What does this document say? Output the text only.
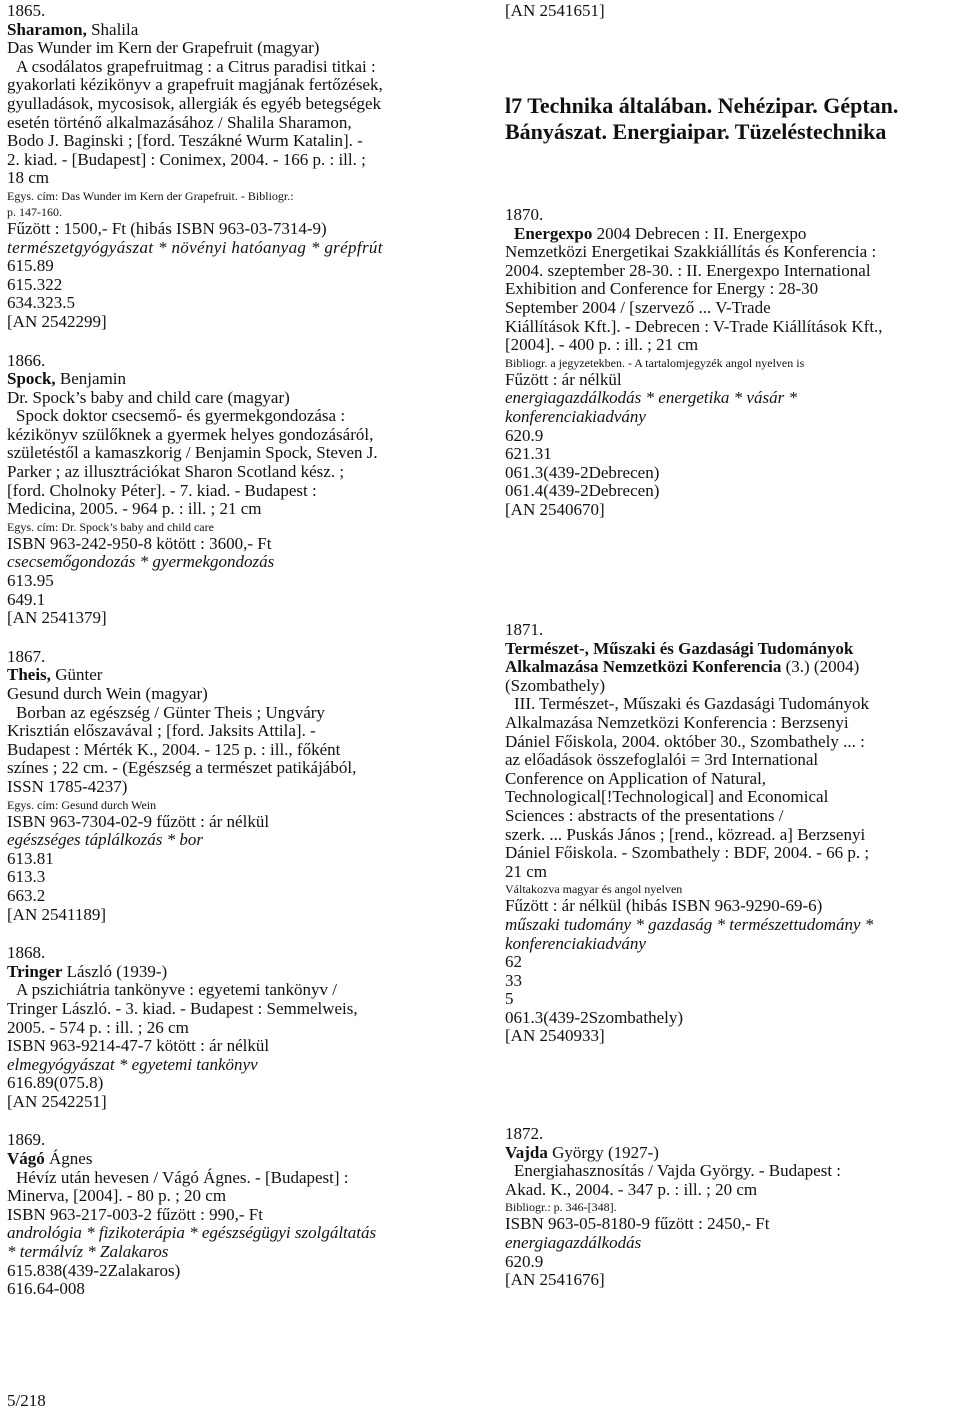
1865.
Sharamon, Shalila
Das Wunder im Kern der Grapefruit (magyar)
A csodálatos grapefruitmag : a Citrus paradisi titkai :
gyakorlati kézikönyv a grapefruit magjának fertőzések,
gyulladások, mycosisok, allergiák és egyéb betegségek
esetén történő alkalmazásához / Shalila Sharamon,
Bodo J. Baginski ; [ford. Teszákné Wurm Katalin]. -
2. kiad. - [Budapest] : Conimex, 2004. - 166 p. : ill. ;
18 cm
Egys. cím: Das Wunder im Kern der Grapefruit. - Bibliogr.:
p. 147-160.
Fűzött : 1500,- Ft (hibás ISBN 963-03-7314-9)
természetgyógyászat * növényi hatóanyag * grépfrút
615.89
615.322
634.323.5
[AN 2542299]
1866.
Spock, Benjamin
Dr. Spock’s baby and child care (magyar)
Spock doktor csecsemő- és gyermekgondozása :
kézikönyv szülőknek a gyermek helyes gondozásáról,
születéstől a kamaszkorig / Benjamin Spock, Steven J.
Parker ; az illusztrációkat Sharon Scotland kész. ;
[ford. Cholnoky Péter]. - 7. kiad. - Budapest :
Medicina, 2005. - 964 p. : ill. ; 21 cm
Egys. cím: Dr. Spock’s baby and child care
ISBN 963-242-950-8 kötött : 3600,- Ft
csecsemőgondozás * gyermekgondozás
613.95
649.1
[AN 2541379]
1867.
Theis, Günter
Gesund durch Wein (magyar)
Borban az egészség / Günter Theis ; Ungváry
Krisztián előszavával ; [ford. Jaksits Attila]. -
Budapest : Mérték K., 2004. - 125 p. : ill., főként
színes ; 22 cm. - (Egészség a természet patikájából,
ISSN 1785-4237)
Egys. cím: Gesund durch Wein
ISBN 963-7304-02-9 fűzött : ár nélkül
egészséges táplálkozás * bor
613.81
613.3
663.2
[AN 2541189]
1868.
Tringer László (1939-)
A pszichiátria tankönyve : egyetemi tankönyv /
Tringer László. - 3. kiad. - Budapest : Semmelweis,
2005. - 574 p. : ill. ; 26 cm
ISBN 963-9214-47-7 kötött : ár nélkül
elmegyógyászat * egyetemi tankönyv
616.89(075.8)
[AN 2542251]
1869.
Vágó Ágnes
Hévíz után hevesen / Vágó Ágnes. - [Budapest] :
Minerva, [2004]. - 80 p. ; 20 cm
ISBN 963-217-003-2 fűzött : 990,- Ft
andrológia * fizikoterápia * egészségügyi szolgáltatás
* termálvíz * Zalakaros
615.838(439-2Zalakaros)
616.64-008
[AN 2541651]
l7 Technika általában. Nehézipar. Géptan.
Bányászat. Energiaipar. Tüzeléstechnika
1870.
Energexpo 2004 Debrecen : II. Energexpo
Nemzetközi Energetikai Szakkiállítás és Konferencia :
2004. szeptember 28-30. : II. Energexpo International
Exhibition and Conference for Energy : 28-30
September 2004 / [szervező ... V-Trade
Kiállítások Kft.]. - Debrecen : V-Trade Kiállítások Kft.,
[2004]. - 400 p. : ill. ; 21 cm
Bibliogr. a jegyzetekben. - A tartalomjegyzék angol nyelven is
Fűzött : ár nélkül
energiagazdálkodás * energetika * vásár *
konferenciakiadvány
620.9
621.31
061.3(439-2Debrecen)
061.4(439-2Debrecen)
[AN 2540670]
1871.
Természet-, Műszaki és Gazdasági Tudományok
Alkalmazása Nemzetközi Konferencia (3.) (2004)
(Szombathely)
III. Természet-, Műszaki és Gazdasági Tudományok
Alkalmazása Nemzetközi Konferencia : Berzsenyi
Dániel Főiskola, 2004. október 30., Szombathely ... :
az előadások összefoglalói = 3rd International
Conference on Application of Natural,
Technological[!Technological] and Economical
Sciences : abstracts of the presentations /
szerk. ... Puskás János ; [rend., közread. a] Berzsenyi
Dániel Főiskola. - Szombathely : BDF, 2004. - 66 p. ;
21 cm
Váltakozva magyar és angol nyelven
Fűzött : ár nélkül (hibás ISBN 963-9290-69-6)
műszaki tudomány * gazdaság * természettudomány *
konferenciakiadvány
62
33
5
061.3(439-2Szombathely)
[AN 2540933]
1872.
Vajda György (1927-)
Energiahasznosítás / Vajda György. - Budapest :
Akad. K., 2004. - 347 p. : ill. ; 20 cm
Bibliogr.: p. 346-[348].
ISBN 963-05-8180-9 fűzött : 2450,- Ft
energiagazdálkodás
620.9
[AN 2541676]
5/218
